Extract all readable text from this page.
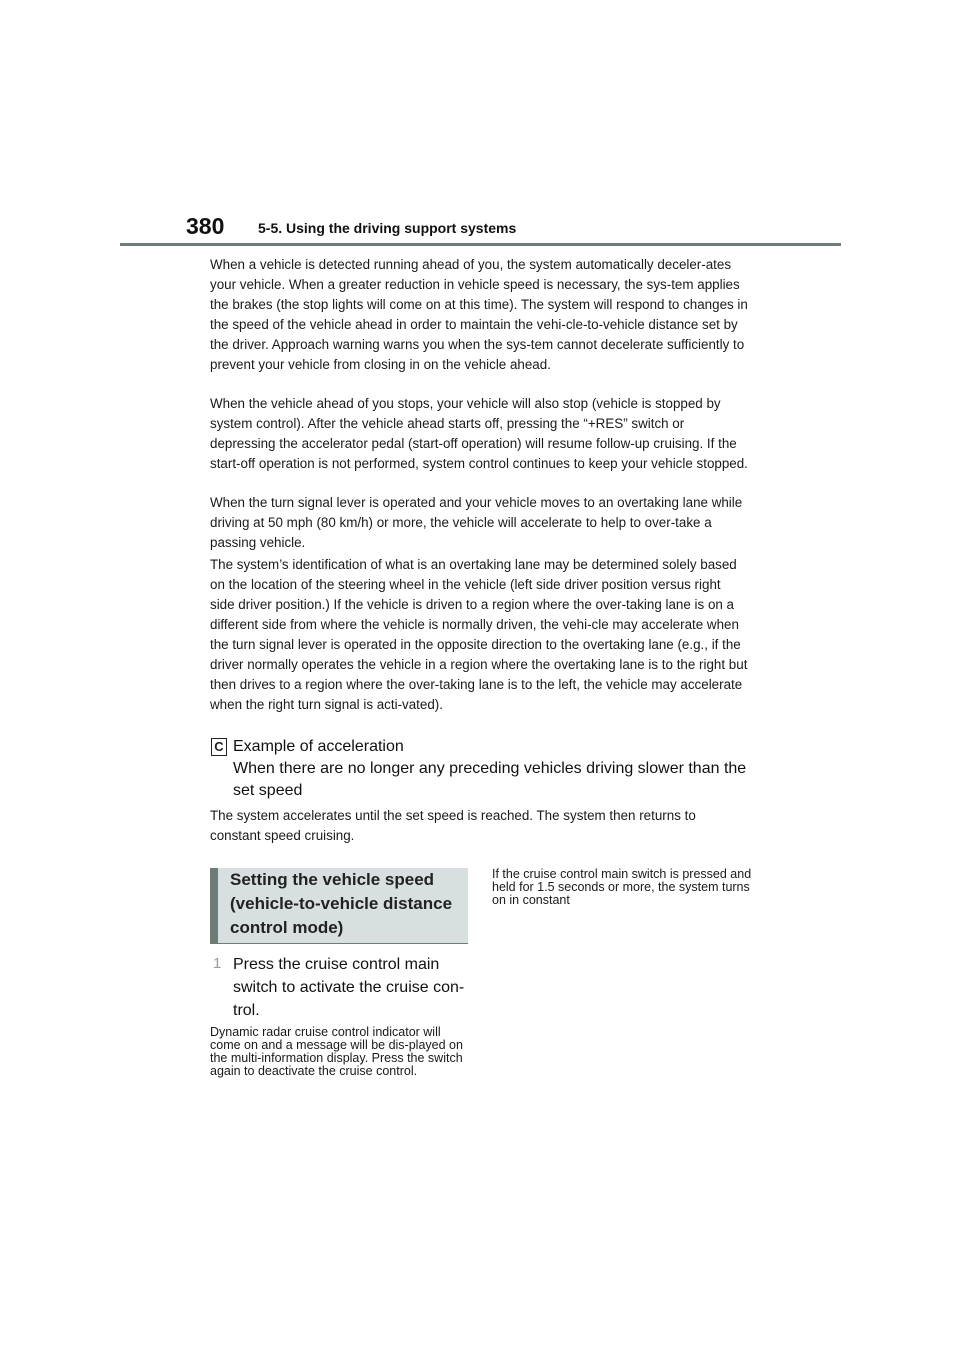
380 5-5. Using the driving support systems
When a vehicle is detected running ahead of you, the system automatically deceler-ates your vehicle. When a greater reduction in vehicle speed is necessary, the sys-tem applies the brakes (the stop lights will come on at this time). The system will respond to changes in the speed of the vehicle ahead in order to maintain the vehi-cle-to-vehicle distance set by the driver. Approach warning warns you when the sys-tem cannot decelerate sufficiently to prevent your vehicle from closing in on the vehicle ahead.
When the vehicle ahead of you stops, your vehicle will also stop (vehicle is stopped by system control). After the vehicle ahead starts off, pressing the “+RES” switch or depressing the accelerator pedal (start-off operation) will resume follow-up cruising. If the start-off operation is not performed, system control continues to keep your vehicle stopped.
When the turn signal lever is operated and your vehicle moves to an overtaking lane while driving at 50 mph (80 km/h) or more, the vehicle will accelerate to help to over-take a passing vehicle.
The system’s identification of what is an overtaking lane may be determined solely based on the location of the steering wheel in the vehicle (left side driver position versus right side driver position.) If the vehicle is driven to a region where the over-taking lane is on a different side from where the vehicle is normally driven, the vehi-cle may accelerate when the turn signal lever is operated in the opposite direction to the overtaking lane (e.g., if the driver normally operates the vehicle in a region where the overtaking lane is to the right but then drives to a region where the over-taking lane is to the left, the vehicle may accelerate when the right turn signal is acti-vated).
C Example of acceleration
When there are no longer any preceding vehicles driving slower than the set speed
The system accelerates until the set speed is reached. The system then returns to constant speed cruising.
Setting the vehicle speed (vehicle-to-vehicle distance control mode)
1 Press the cruise control main switch to activate the cruise con-trol.
Dynamic radar cruise control indicator will come on and a message will be dis-played on the multi-information display. Press the switch again to deactivate the cruise control.
If the cruise control main switch is pressed and held for 1.5 seconds or more, the system turns on in constant
